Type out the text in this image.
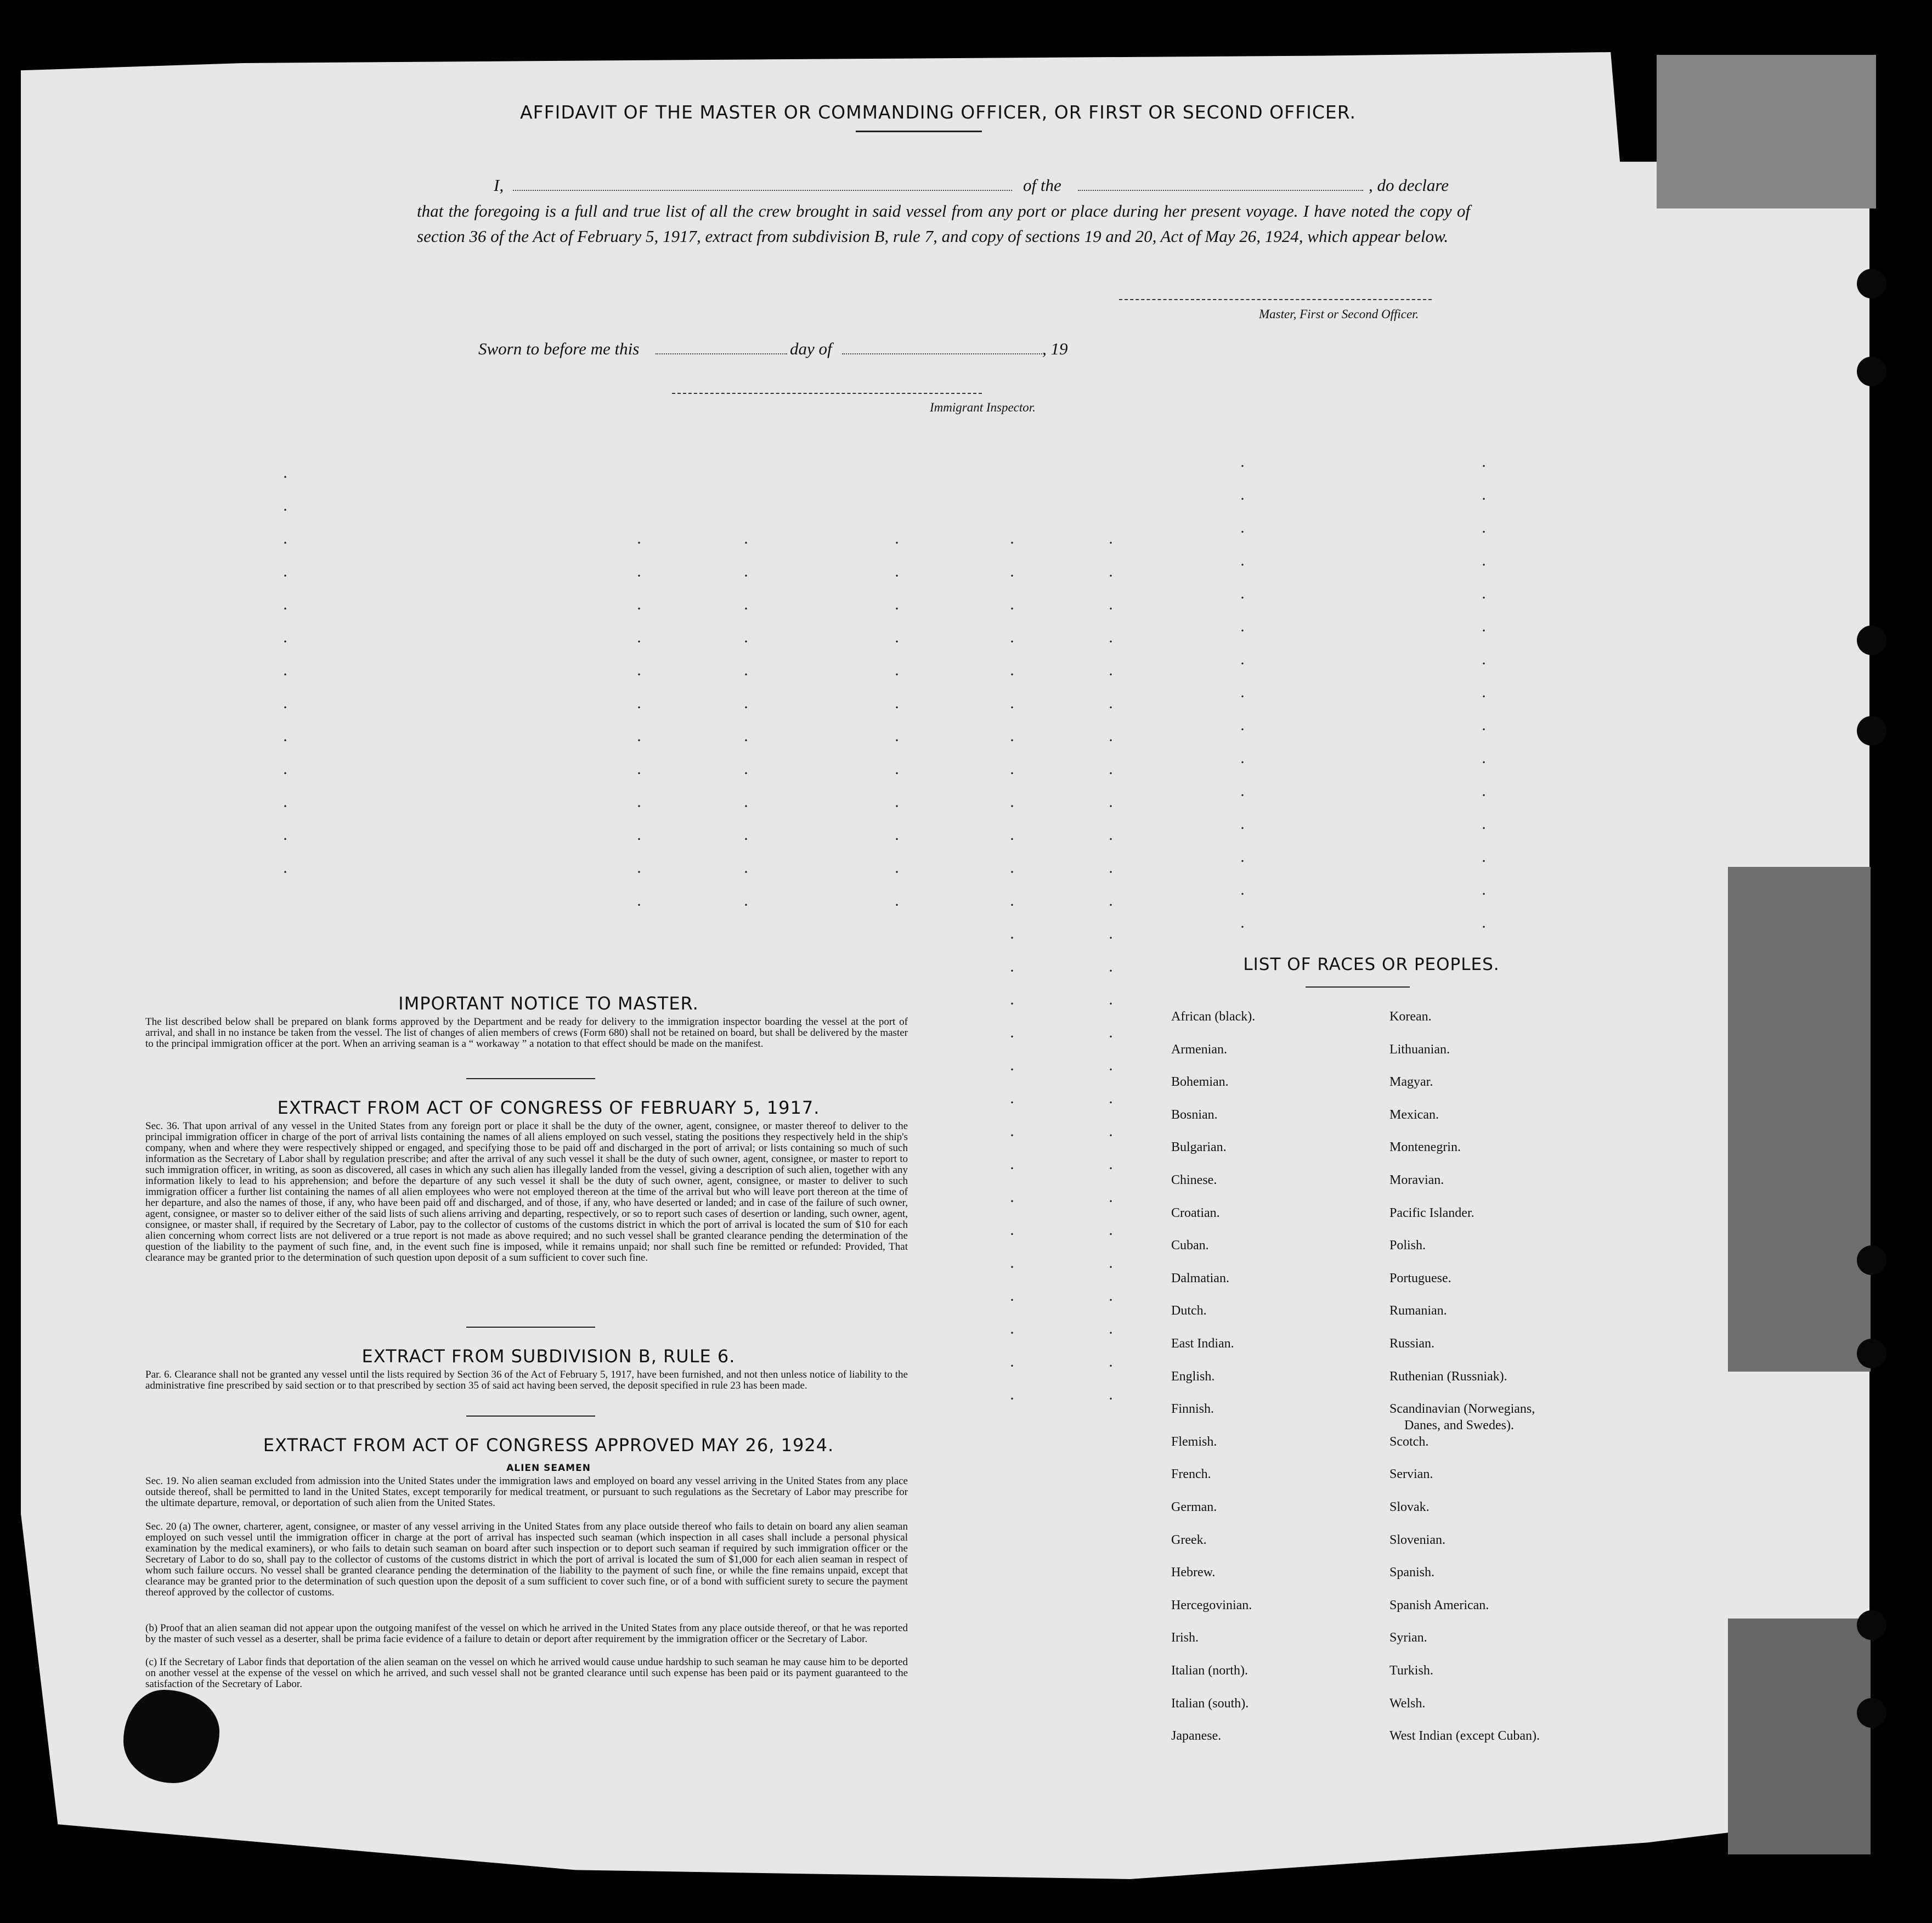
AFFIDAVIT OF THE MASTER OR COMMANDING OFFICER, OR FIRST OR SECOND OFFICER.
I,	of the	, do declare
that the foregoing is a full and true list of all the crew brought in said vessel from any port or place during her present voyage. I have noted the copy of section 36 of the Act of February 5, 1917, extract from subdivision B, rule 7, and copy of sections 19 and 20, Act of May 26, 1924, which appear below.
Master, First or Second Officer.
Sworn to before me this	day of	, 19
Immigrant Inspector.
·
·
·
·
·
·
·
·
·
·
·
·
·
·
·
·
·
·
·
·
·
·
·
·
·
·
·
·
·
·
·
·
·
·
·
·
·
·
·
·
·
·
·
·
·
·
·
·
·
·
·
·
·
·
·
·
·
·
·
·
·
·
·
·
·
·
·
·
·
·
·
·
·
·
·
·
·
·
·
·
·
·
·
·
·
·
·
·
·
·
·
·
·
·
·
·
·
·
·
·
·
·
·
·
·
·
·
·
·
·
·
·
·
·
·
·
·
·
·
·
·
·
·
·
·
·
·
·
·
·
·
·
·
IMPORTANT NOTICE TO MASTER.
The list described below shall be prepared on blank forms approved by the Department and be ready for delivery to the immigration inspector boarding the vessel at the port of arrival, and shall in no instance be taken from the vessel. The list of changes of alien members of crews (Form 680) shall not be retained on board, but shall be delivered by the master to the principal immigration officer at the port. When an arriving seaman is a “ workaway ” a notation to that effect should be made on the manifest.
EXTRACT FROM ACT OF CONGRESS OF FEBRUARY 5, 1917.
Sec. 36. That upon arrival of any vessel in the United States from any foreign port or place it shall be the duty of the owner, agent, consignee, or master thereof to deliver to the principal immigration officer in charge of the port of arrival lists containing the names of all aliens employed on such vessel, stating the positions they respectively held in the ship's company, when and where they were respectively shipped or engaged, and specifying those to be paid off and discharged in the port of arrival; or lists containing so much of such information as the Secretary of Labor shall by regulation prescribe; and after the arrival of any such vessel it shall be the duty of such owner, agent, consignee, or master to report to such immigration officer, in writing, as soon as discovered, all cases in which any such alien has illegally landed from the vessel, giving a description of such alien, together with any information likely to lead to his apprehension; and before the departure of any such vessel it shall be the duty of such owner, agent, consignee, or master to deliver to such immigration officer a further list containing the names of all alien employees who were not employed thereon at the time of the arrival but who will leave port thereon at the time of her departure, and also the names of those, if any, who have been paid off and discharged, and of those, if any, who have deserted or landed; and in case of the failure of such owner, agent, consignee, or master so to deliver either of the said lists of such aliens arriving and departing, respectively, or so to report such cases of desertion or landing, such owner, agent, consignee, or master shall, if required by the Secretary of Labor, pay to the collector of customs of the customs district in which the port of arrival is located the sum of $10 for each alien concerning whom correct lists are not delivered or a true report is not made as above required; and no such vessel shall be granted clearance pending the determination of the question of the liability to the payment of such fine, and, in the event such fine is imposed, while it remains unpaid; nor shall such fine be remitted or refunded: Provided, That clearance may be granted prior to the determination of such question upon deposit of a sum sufficient to cover such fine.
EXTRACT FROM SUBDIVISION B, RULE 6.
Par. 6. Clearance shall not be granted any vessel until the lists required by Section 36 of the Act of February 5, 1917, have been furnished, and not then unless notice of liability to the administrative fine prescribed by said section or to that prescribed by section 35 of said act having been served, the deposit specified in rule 23 has been made.
EXTRACT FROM ACT OF CONGRESS APPROVED MAY 26, 1924.
ALIEN SEAMEN
Sec. 19. No alien seaman excluded from admission into the United States under the immigration laws and employed on board any vessel arriving in the United States from any place outside thereof, shall be permitted to land in the United States, except temporarily for medical treatment, or pursuant to such regulations as the Secretary of Labor may prescribe for the ultimate departure, removal, or deportation of such alien from the United States.
Sec. 20 (a) The owner, charterer, agent, consignee, or master of any vessel arriving in the United States from any place outside thereof who fails to detain on board any alien seaman employed on such vessel until the immigration officer in charge at the port of arrival has inspected such seaman (which inspection in all cases shall include a personal physical examination by the medical examiners), or who fails to detain such seaman on board after such inspection or to deport such seaman if required by such immigration officer or the Secretary of Labor to do so, shall pay to the collector of customs of the customs district in which the port of arrival is located the sum of $1,000 for each alien seaman in respect of whom such failure occurs. No vessel shall be granted clearance pending the determination of the liability to the payment of such fine, or while the fine remains unpaid, except that clearance may be granted prior to the determination of such question upon the deposit of a sum sufficient to cover such fine, or of a bond with sufficient surety to secure the payment thereof approved by the collector of customs.
(b) Proof that an alien seaman did not appear upon the outgoing manifest of the vessel on which he arrived in the United States from any place outside thereof, or that he was reported by the master of such vessel as a deserter, shall be prima facie evidence of a failure to detain or deport after requirement by the immigration officer or the Secretary of Labor.
(c) If the Secretary of Labor finds that deportation of the alien seaman on the vessel on which he arrived would cause undue hardship to such seaman he may cause him to be deported on another vessel at the expense of the vessel on which he arrived, and such vessel shall not be granted clearance until such expense has been paid or its payment guaranteed to the satisfaction of the Secretary of Labor.
LIST OF RACES OR PEOPLES.
African (black).
Armenian.
Bohemian.
Bosnian.
Bulgarian.
Chinese.
Croatian.
Cuban.
Dalmatian.
Dutch.
East Indian.
English.
Finnish.
Flemish.
French.
German.
Greek.
Hebrew.
Hercegovinian.
Irish.
Italian (north).
Italian (south).
Japanese.
Korean.
Lithuanian.
Magyar.
Mexican.
Montenegrin.
Moravian.
Pacific Islander.
Polish.
Portuguese.
Rumanian.
Russian.
Ruthenian (Russniak).
Scandinavian (Norwegians,
Scotch.
Servian.
Slovak.
Slovenian.
Spanish.
Spanish American.
Syrian.
Turkish.
Welsh.
West Indian (except Cuban).
Danes, and Swedes).
